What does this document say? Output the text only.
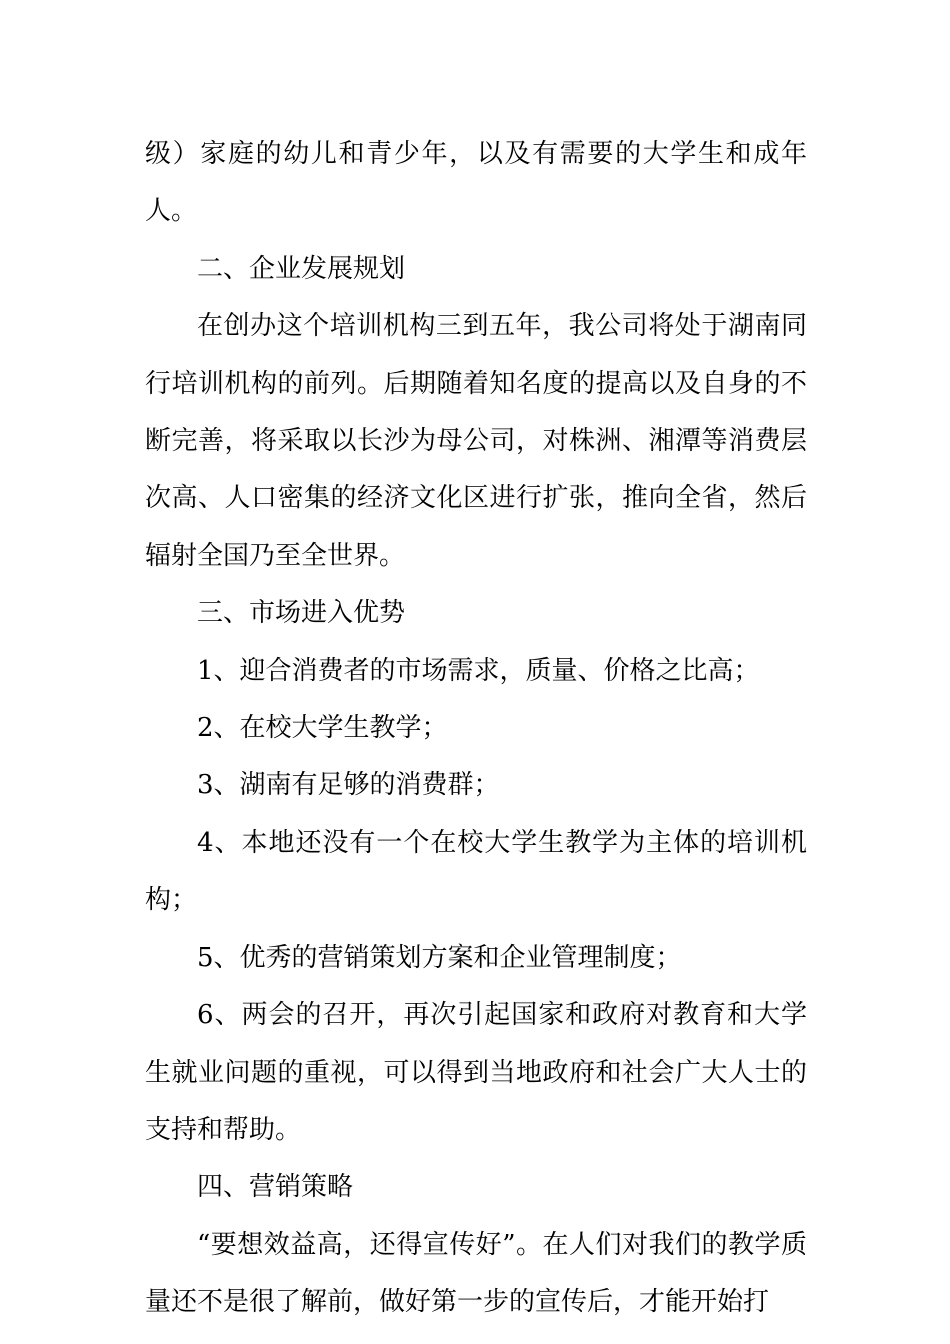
级）家庭的幼儿和青少年，以及有需要的大学生和成年人。

二、企业发展规划

在创办这个培训机构三到五年，我公司将处于湖南同行培训机构的前列。后期随着知名度的提高以及自身的不断完善，将采取以长沙为母公司，对株洲、湘潭等消费层次高、人口密集的经济文化区进行扩张，推向全省，然后辐射全国乃至全世界。

三、市场进入优势

1、迎合消费者的市场需求，质量、价格之比高；

2、在校大学生教学；

3、湖南有足够的消费群；

4、本地还没有一个在校大学生教学为主体的培训机构；

5、优秀的营销策划方案和企业管理制度；

6、两会的召开，再次引起国家和政府对教育和大学生就业问题的重视，可以得到当地政府和社会广大人士的支持和帮助。

四、营销策略

“要想效益高，还得宣传好”。在人们对我们的教学质量还不是很了解前，做好第一步的宣传后，才能开始打
